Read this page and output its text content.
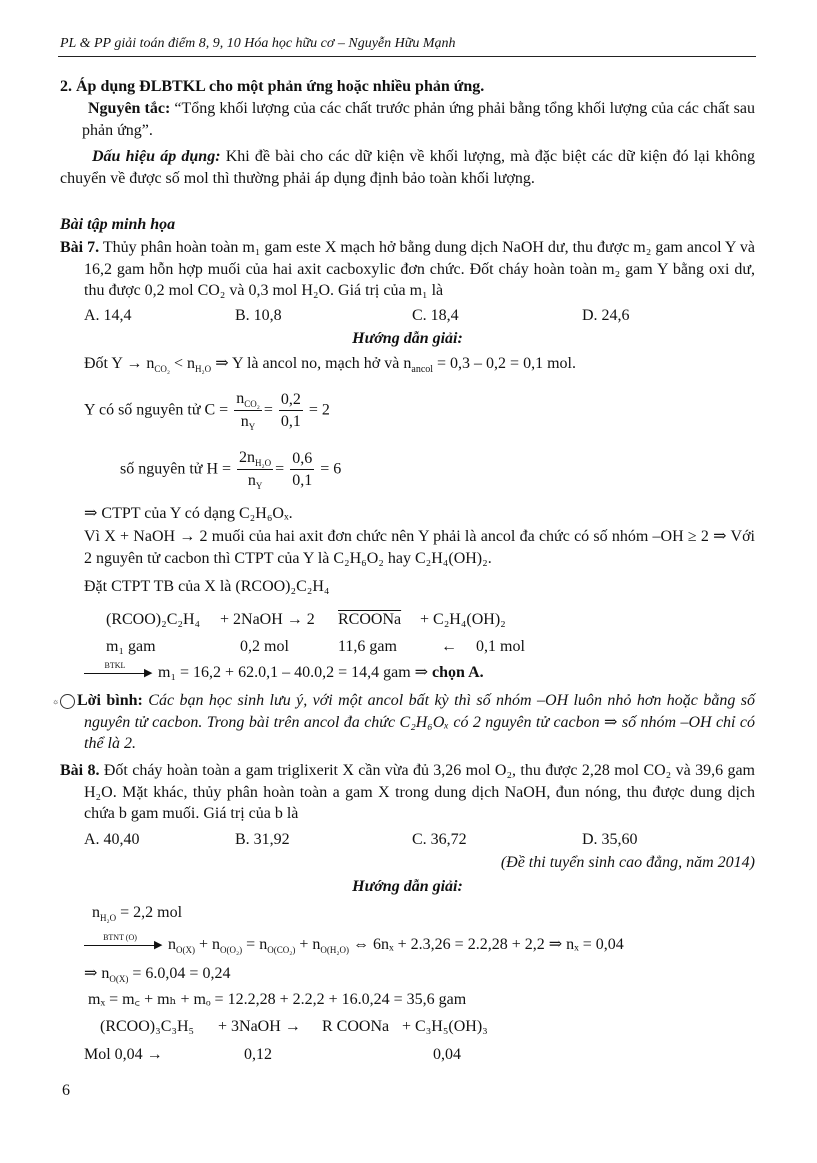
PL & PP giải toán điểm 8, 9, 10 Hóa học hữu cơ – Nguyễn Hữu Mạnh
2. Áp dụng ĐLBTKL cho một phản ứng hoặc nhiều phản ứng.
Nguyên tắc: “Tổng khối lượng của các chất trước phản ứng phải bằng tổng khối lượng của các chất sau phản ứng”.
Dấu hiệu áp dụng: Khi đề bài cho các dữ kiện về khối lượng, mà đặc biệt các dữ kiện đó lại không chuyển về được số mol thì thường phải áp dụng định bảo toàn khối lượng.
Bài tập minh họa
Bài 7. Thủy phân hoàn toàn m₁ gam este X mạch hở bằng dung dịch NaOH dư, thu được m₂ gam ancol Y và 16,2 gam hỗn hợp muối của hai axit cacboxylic đơn chức. Đốt cháy hoàn toàn m₂ gam Y bằng oxi dư, thu được 0,2 mol CO₂ và 0,3 mol H₂O. Giá trị của m₁ là
A. 14,4	B. 10,8	C. 18,4	D. 24,6
Hướng dẫn giải:
Đốt $Y \to n_{CO_2} < n_{H_2O}$ ⇒ Y là ancol no, mạch hở và $n_{ancol} = 0,3 - 0,2 = 0,1$ mol.
Y có số nguyên tử $C = \frac{n_{CO_2}}{n_Y} = \frac{0,2}{0,1} = 2$
số nguyên tử $H = \frac{2n_{H_2O}}{n_Y} = \frac{0,6}{0,1} = 6$
⇒ CTPT của Y có dạng C₂H₆Oₓ.
Vì X + NaOH → 2 muối của hai axit đơn chức nên Y phải là ancol đa chức có số nhóm –OH ≥ 2 ⇒ Với 2 nguyên tử cacbon thì CTPT của Y là C₂H₆O₂ hay C₂H₄(OH)₂.
Đặt CTPT TB của X là (RCOO)₂C₂H₄
(RCOO)₂C₂H₄ + 2NaOH → 2 RCOONa + C₂H₄(OH)₂
m₁ gam	0,2 mol	11,6 gam	← 0,1 mol
BTKL
▶ m₁ = 16,2 + 62.0,1 – 40.0,2 = 14,4 gam ⇒ chọn A.
☼ Lời bình: Các bạn học sinh lưu ý, với một ancol bất kỳ thì số nhóm –OH luôn nhỏ hơn hoặc bằng số nguyên tử cacbon. Trong bài trên ancol đa chức C₂H₆Oₓ có 2 nguyên tử cacbon ⇒ số nhóm –OH chỉ có thể là 2.
Bài 8. Đốt cháy hoàn toàn a gam triglixerit X cần vừa đủ 3,26 mol O₂, thu được 2,28 mol CO₂ và 39,6 gam H₂O. Mặt khác, thủy phân hoàn toàn a gam X trong dung dịch NaOH, đun nóng, thu được dung dịch chứa b gam muối. Giá trị của b là
A. 40,40	B. 31,92	C. 36,72	D. 35,60
(Đề thi tuyển sinh cao đẳng, năm 2014)
Hướng dẫn giải:
$n_{H_2O} = 2,2$ mol
BTNT (O)
▶ $n_{O(X)} + n_{O(O_2)} = n_{O(CO_2)} + n_{O(H_2O)}$ ⇔ 6nₓ + 2.3,26 = 2.2,28 + 2,2 ⇒ nₓ = 0,04
⇒ $n_{O(X)} = 6.0,04 = 0,24$
mₓ = m꜀ + mₕ + mₒ = 12.2,28 + 2.2,2 + 16.0,24 = 35,6 gam
(RCOO)₃C₃H₅ + 3NaOH → R COONa + C₃H₅(OH)₃
Mol 0,04 →	0,12	0,04
6
